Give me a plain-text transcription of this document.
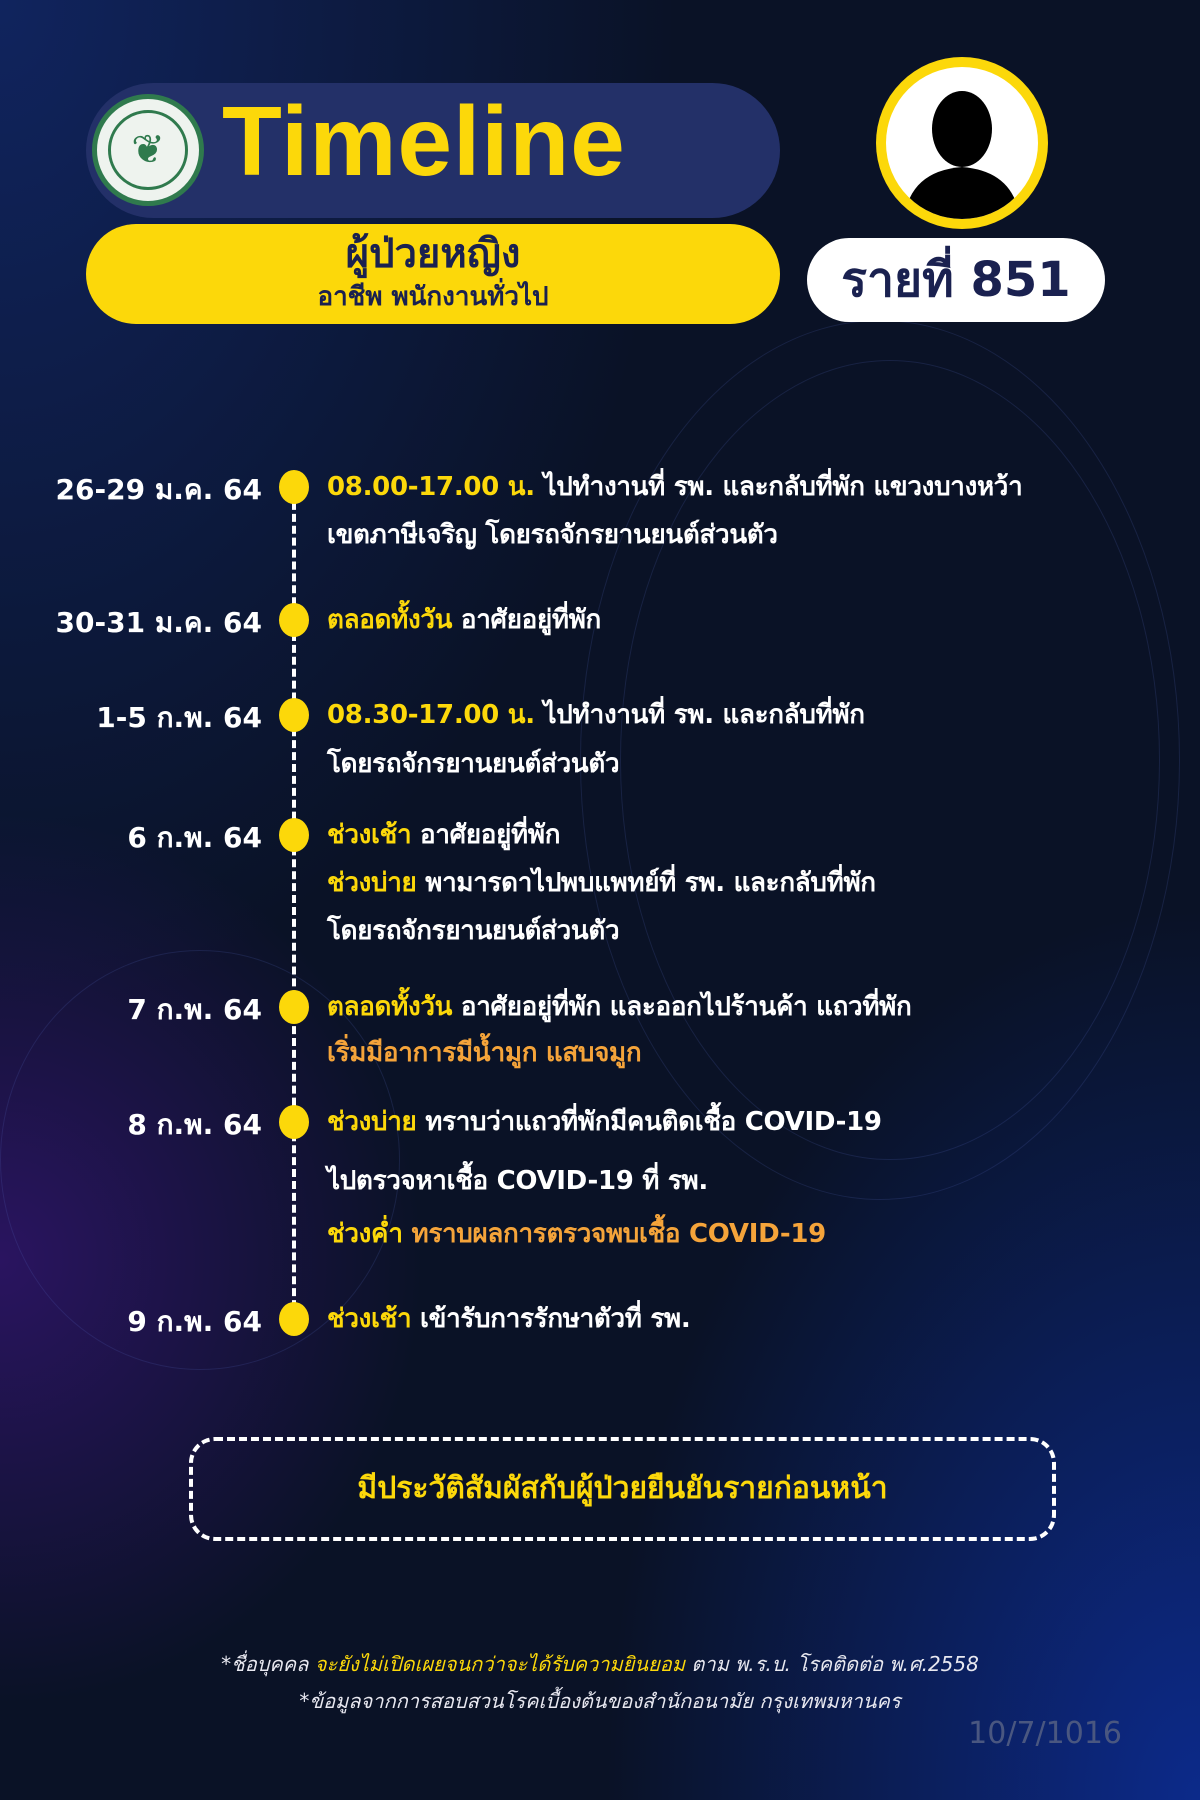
❦ Timeline
ผู้ป่วยหญิง
อาชีพ พนักงานทั่วไป	รายที่ 851
26-29 ม.ค. 64	08.00-17.00 น. ไปทำงานที่ รพ. และกลับที่พัก แขวงบางหว้า
เขตภาษีเจริญ โดยรถจักรยานยนต์ส่วนตัว
30-31 ม.ค. 64	ตลอดทั้งวัน อาศัยอยู่ที่พัก
1-5 ก.พ. 64	08.30-17.00 น. ไปทำงานที่ รพ. และกลับที่พัก
โดยรถจักรยานยนต์ส่วนตัว
6 ก.พ. 64	ช่วงเช้า อาศัยอยู่ที่พัก
ช่วงบ่าย พามารดาไปพบแพทย์ที่ รพ. และกลับที่พัก
โดยรถจักรยานยนต์ส่วนตัว
7 ก.พ. 64	ตลอดทั้งวัน อาศัยอยู่ที่พัก และออกไปร้านค้า แถวที่พัก
เริ่มมีอาการมีน้ำมูก แสบจมูก
8 ก.พ. 64	ช่วงบ่าย ทราบว่าแถวที่พักมีคนติดเชื้อ COVID-19
ไปตรวจหาเชื้อ COVID-19 ที่ รพ.
ช่วงค่ำ ทราบผลการตรวจพบเชื้อ COVID-19
9 ก.พ. 64	ช่วงเช้า เข้ารับการรักษาตัวที่ รพ.
มีประวัติสัมผัสกับผู้ป่วยยืนยันรายก่อนหน้า
*ชื่อบุคคล จะยังไม่เปิดเผยจนกว่าจะได้รับความยินยอม ตาม พ.ร.บ. โรคติดต่อ พ.ศ.2558
*ข้อมูลจากการสอบสวนโรคเบื้องต้นของสำนักอนามัย กรุงเทพมหานคร
10/7/1016
